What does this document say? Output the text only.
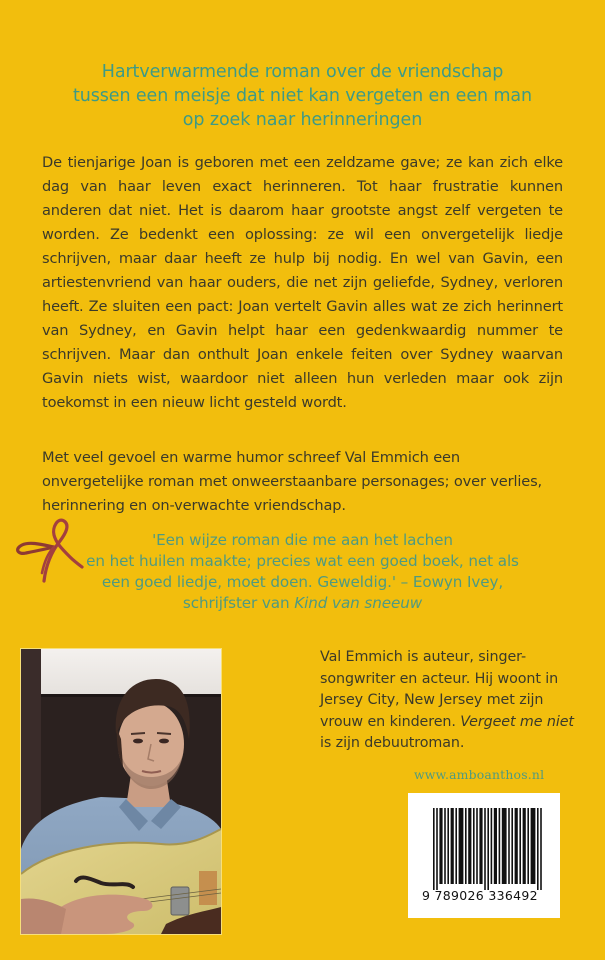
Hartverwarmende roman over de vriendschap
tussen een meisje dat niet kan vergeten en een man
op zoek naar herinneringen

De tienjarige Joan is geboren met een zeldzame gave; ze kan zich elke dag van haar leven exact herinneren. Tot haar frustratie kunnen anderen dat niet. Het is daarom haar grootste angst zelf vergeten te worden. Ze bedenkt een oplossing: ze wil een onvergetelijk liedje schrijven, maar daar heeft ze hulp bij nodig. En wel van Gavin, een artiestenvriend van haar ouders, die net zijn geliefde, Sydney, verloren heeft. Ze sluiten een pact: Joan vertelt Gavin alles wat ze zich herinnert van Sydney, en Gavin helpt haar een gedenkwaardig nummer te schrijven. Maar dan onthult Joan enkele feiten over Sydney waarvan Gavin niets wist, waardoor niet alleen hun verleden maar ook zijn toekomst in een nieuw licht gesteld wordt.

Met veel gevoel en warme humor schreef Val Emmich een onvergetelijke roman met onweerstaanbare personages; over verlies, herinnering en on-verwachte vriendschap.

'Een wijze roman die me aan het lachen
en het huilen maakte; precies wat een goed boek, net als
een goed liedje, moet doen. Geweldig.' – Eowyn Ivey,
schrijfster van Kind van sneeuw

Val Emmich is auteur, singer-songwriter en acteur. Hij woont in Jersey City, New Jersey met zijn vrouw en kinderen. Vergeet me niet is zijn debuutroman.

www.amboanthos.nl
9 789026 336492
